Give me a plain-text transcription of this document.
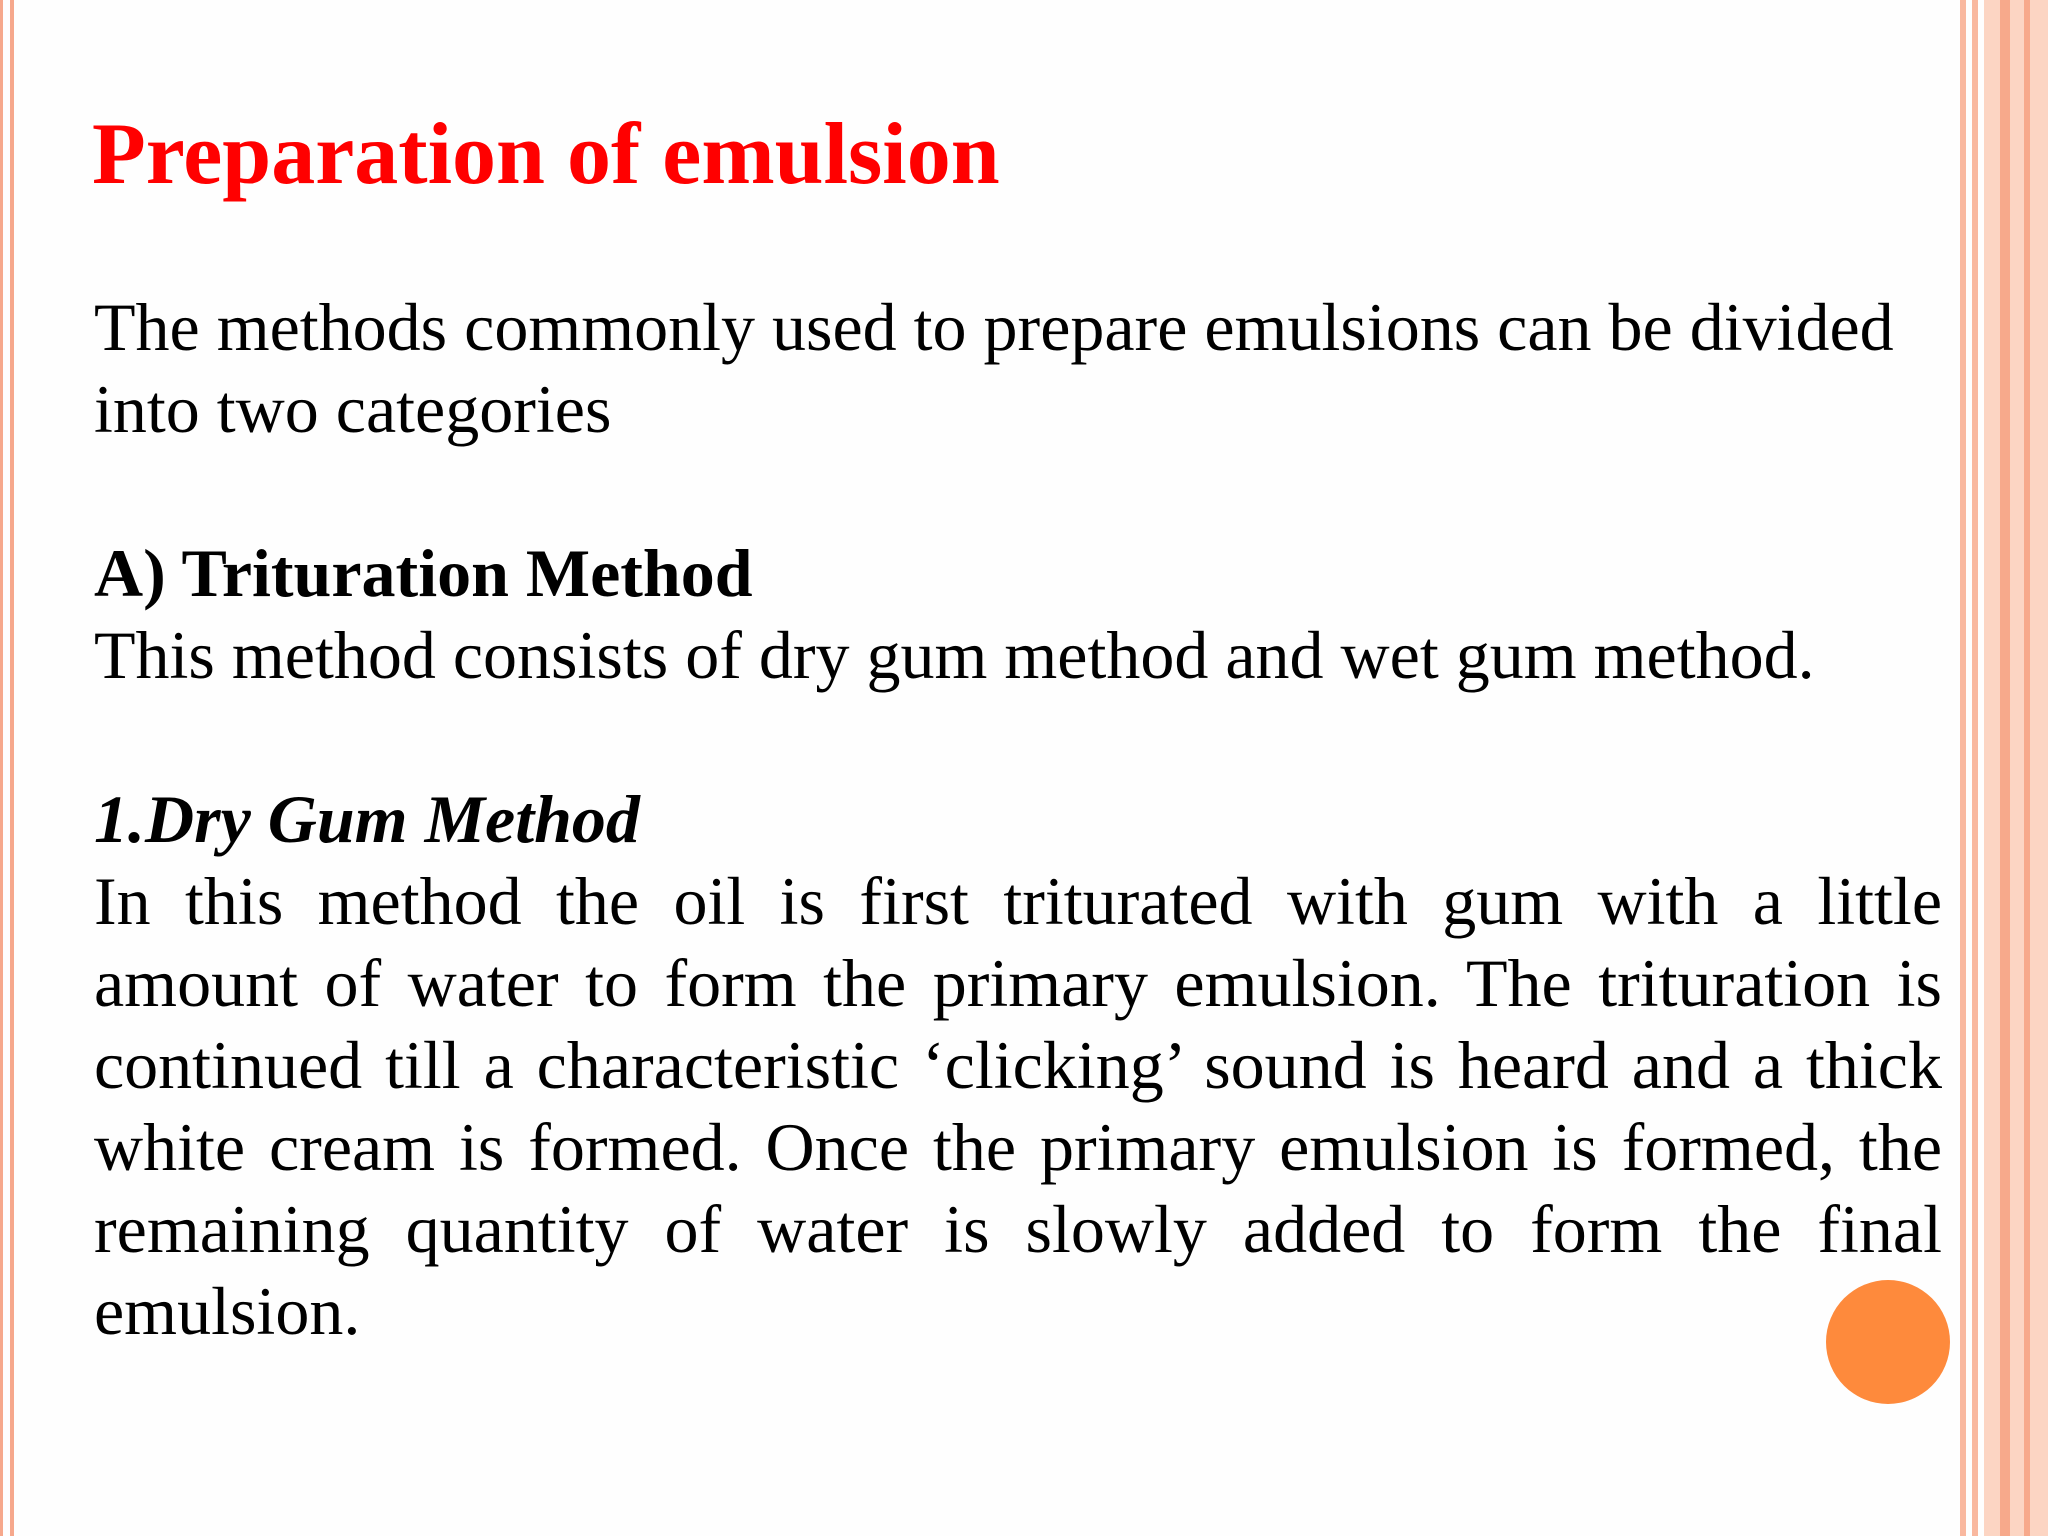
Preparation of emulsion

The methods commonly used to prepare emulsions can be divided into two categories

A) Trituration Method

This method consists of dry gum method and wet gum method.

1.Dry Gum Method

In this method the oil is first triturated with gum with a little amount of water to form the primary emulsion. The trituration is continued till a characteristic ‘clicking’ sound is heard and a thick white cream is formed. Once the primary emulsion is formed, the remaining quantity of water is slowly added to form the final emulsion.
